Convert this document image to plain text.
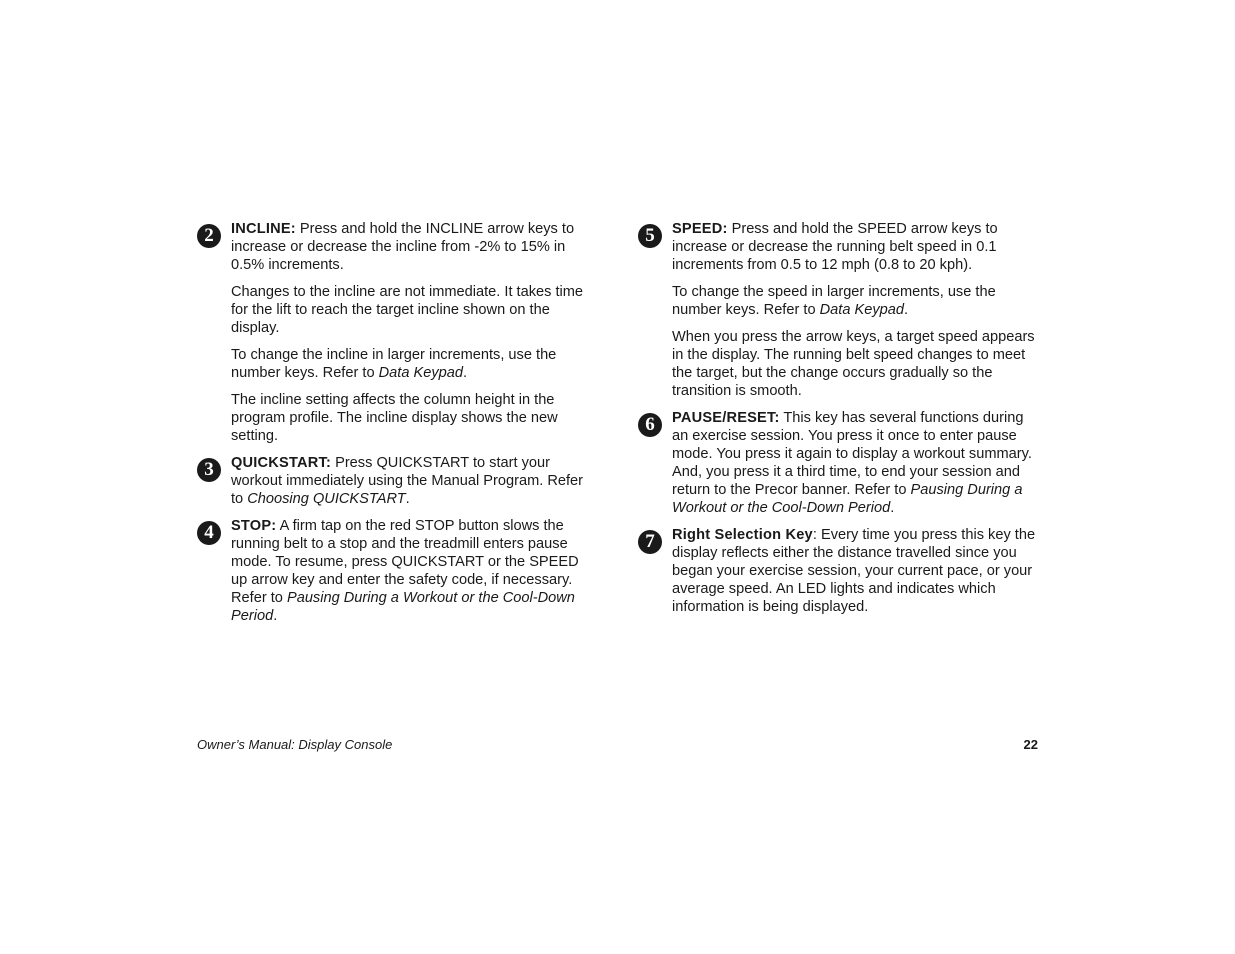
2	INCLINE: Press and hold the INCLINE arrow keys to increase or decrease the incline from -2% to 15% in 0.5% increments.

Changes to the incline are not immediate. It takes time for the lift to reach the target incline shown on the display.

To change the incline in larger increments, use the number keys. Refer to Data Keypad.

The incline setting affects the column height in the program profile. The incline display shows the new setting.

3	QUICKSTART: Press QUICKSTART to start your workout immediately using the Manual Program. Refer to Choosing QUICKSTART.

4	STOP: A firm tap on the red STOP button slows the running belt to a stop and the treadmill enters pause mode. To resume, press QUICKSTART or the SPEED up arrow key and enter the safety code, if necessary. Refer to Pausing During a Workout or the Cool-Down Period.

5	SPEED: Press and hold the SPEED arrow keys to increase or decrease the running belt speed in 0.1 increments from 0.5 to 12 mph (0.8 to 20 kph).

To change the speed in larger increments, use the number keys. Refer to Data Keypad.

When you press the arrow keys, a target speed appears in the display. The running belt speed changes to meet the target, but the change occurs gradually so the transition is smooth.

6	PAUSE/RESET: This key has several functions during an exercise session. You press it once to enter pause mode. You press it again to display a workout summary. And, you press it a third time, to end your session and return to the Precor banner. Refer to Pausing During a Workout or the Cool-Down Period.

7	Right Selection Key: Every time you press this key the display reflects either the distance travelled since you began your exercise session, your current pace, or your average speed. An LED lights and indicates which information is being displayed.

Owner’s Manual: Display Console	22
